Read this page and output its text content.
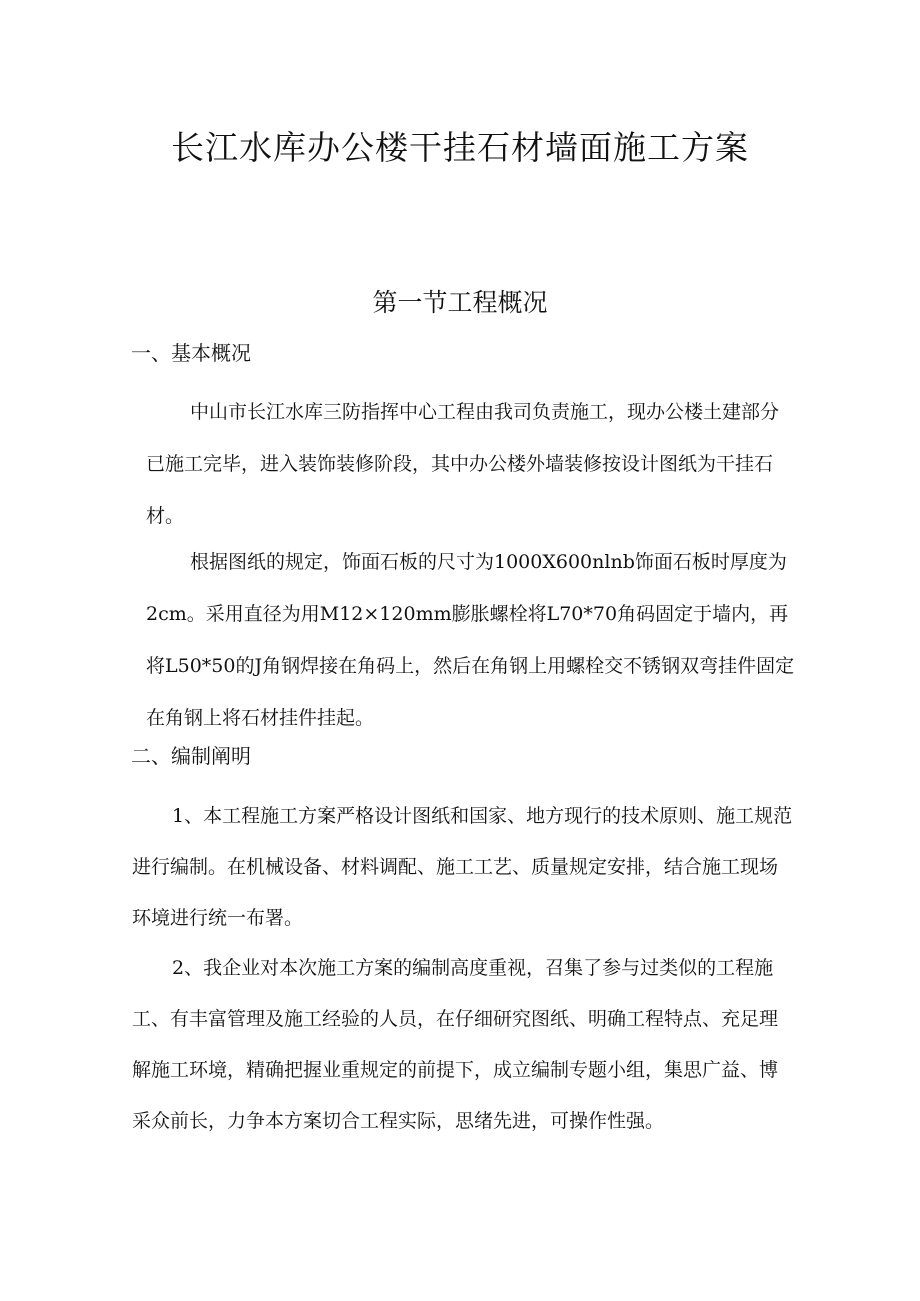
长江水库办公楼干挂石材墙面施工方案
第一节工程概况
一、基本概况
中山市长江水库三防指挥中心工程由我司负责施工，现办公楼土建部分已施工完毕，进入装饰装修阶段，其中办公楼外墙装修按设计图纸为干挂石材。
根据图纸的规定，饰面石板的尺寸为1000X600nlnb饰面石板时厚度为2cm。采用直径为用M12×120mm膨胀螺栓将L70*70角码固定于墙内，再将L50*50的J角钢焊接在角码上，然后在角钢上用螺栓交不锈钢双弯挂件固定在角钢上将石材挂件挂起。
二、编制阐明
1、本工程施工方案严格设计图纸和国家、地方现行的技术原则、施工规范进行编制。在机械设备、材料调配、施工工艺、质量规定安排，结合施工现场环境进行统一布署。
2、我企业对本次施工方案的编制高度重视，召集了参与过类似的工程施工、有丰富管理及施工经验的人员，在仔细研究图纸、明确工程特点、充足理解施工环境，精确把握业重规定的前提下，成立编制专题小组，集思广益、博采众前长，力争本方案切合工程实际，思绪先进，可操作性强。
